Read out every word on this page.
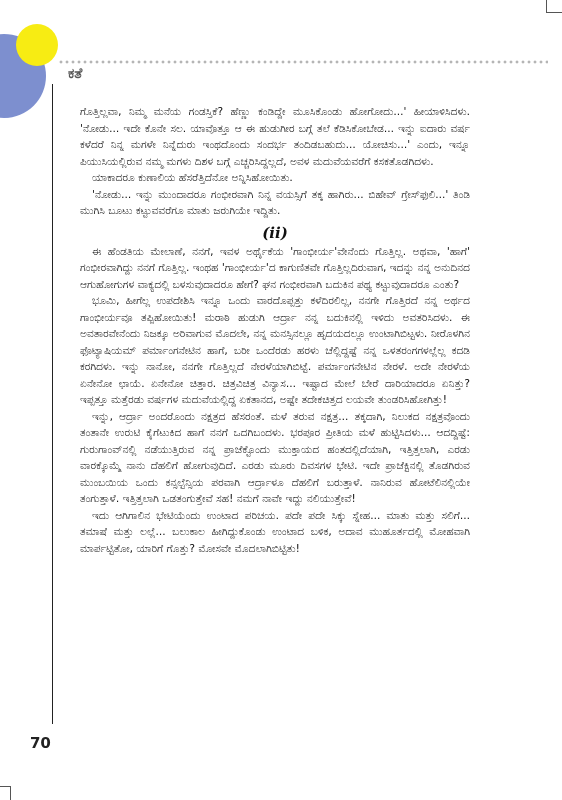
ಕತೆ

ಗೊತ್ತಿಲ್ಲವಾ, ನಿಮ್ಮ ಮನೆಯ ಗಂಡಸ್ತಿಕೆ? ಹೆಣ್ಣು ಕಂಡಿದ್ದೇ ಮೂಸಿಕೊಂಡು ಹೋಗೋದು...' ಹೀಯಾಳಿಸಿದಳು. 'ನೋಡು... ಇದೇ ಕೊನೇ ಸಲ. ಯಾವೊತ್ತೂ ಆ ಈ ಹುಡುಗೀರ ಬಗ್ಗೆ ತಲೆ ಕೆಡಿಸಿಕೋಬೇಡ... ಇನ್ನು ಐದಾರು ವರ್ಷ ಕಳೆದರೆ ನಿನ್ನ ಮಗಳೇ ನಿನ್ನೆದುರು ಇಂಥದೊಂದು ಸಂದರ್ಭ ತಂದಿಡಬಹುದು... ಯೋಚಿಸು...' ಎಂದು, ಇನ್ನೂ ಪಿಯುಸಿಯಲ್ಲಿರುವ ನಮ್ಮ ಮಗಳು ದಿಶಳ ಬಗ್ಗೆ ಎಚ್ಚರಿಸಿದ್ದಲ್ಲದೆ, ಅವಳ ಮದುವೆಯವರೆಗೆ ಕಸಕತೊಡಗಿದಳು.

ಯಾಕಾದರೂ ಕುಣಾಲಿಯ ಹೆಸರೆತ್ತಿದೆನೋ ಅನ್ನಿಸಿಹೋಯಿತು.

'ನೋಡು... ಇನ್ನು ಮುಂದಾದರೂ ಗಂಭೀರವಾಗಿ ನಿನ್ನ ವಯಸ್ಸಿಗೆ ತಕ್ಕ ಹಾಗಿರು... ಬಿಹೇವ್ ಗ್ರೇಸ್‌ಫುಲಿ...' ತಿಂಡಿ ಮುಗಿಸಿ ಬೂಟು ಕಟ್ಟುವವರೆಗೂ ಮಾತು ಜರುಗಿಯೇ ಇದ್ದಿತು.

(ii)

ಈ ಹೆಂಡತಿಯ ಮೇಲಾಣೆ, ನನಗೆ, ಇವಳ ಅರ್ಥೈಕೆಯ 'ಗಾಂಭೀರ್ಯ'ವೇನೆಂದು ಗೊತ್ತಿಲ್ಲ. ಅಥವಾ, 'ಹಾಗೆ' ಗಂಭೀರವಾಗಿದ್ದು ನನಗೆ ಗೊತ್ತಿಲ್ಲ. ಇಂಥಹ 'ಗಾಂಭೀರ್ಯ'ದ ಕಾಗುಣಿತವೇ ಗೊತ್ತಿಲ್ಲದಿರುವಾಗ, ಇದನ್ನು ನನ್ನ ಅನುದಿನದ ಆಗುಹೋಗುಗಳ ವಾಕ್ಯದಲ್ಲಿ ಬಳಸುವುದಾದರೂ ಹೇಗೆ? ಘನ ಗಂಭೀರವಾಗಿ ಬದುಕಿನ ಪಥ್ಯ ಕಟ್ಟುವುದಾದರೂ ಎಂತು?

ಭೂಮಿ, ಹೀಗೆಲ್ಲ ಉಪದೇಶಿಸಿ ಇನ್ನೂ ಒಂದು ವಾರದೊಪ್ಪತ್ತು ಕಳೆದಿರಲಿಲ್ಲ, ನನಗೇ ಗೊತ್ತಿರದೆ ನನ್ನ ಅರ್ಥದ ಗಾಂಭೀರ್ಯವೂ ತಪ್ಪಿಹೋಯಿತು! ಮರಾಠಿ ಹುಡುಗಿ ಆರ್ದ್ರಾ ನನ್ನ ಬದುಕಿನಲ್ಲಿ ಇಳಿದು ಅವತರಿಸಿದಳು. ಈ ಅವತಾರವೇನೆಂದು ನಿಜಕ್ಕೂ ಅರಿವಾಗುವ ಮೊದಲೇ, ನನ್ನ ಮನಸ್ಸಿನಲ್ಲೂ ಹೃದಯದಲ್ಲೂ ಉಂಟಾಗಿಬಿಟ್ಟಳು. ನೀರೊಳಗಿನ ಫೊಟ್ಯಾಷಿಯಮ್ ಪರ್ಮಾಂಗನೇಟಿನ ಹಾಗೆ, ಬರೀ ಒಂದೆರಡು ಹರಳು ಚೆಲ್ಲಿದ್ದಷ್ಟೆ ನನ್ನ ಒಳತರಂಗಗಳಲ್ಲೆಲ್ಲ ಕದಡಿ ಕರಗಿದಳು. ಇನ್ನು ನಾನೋ, ನನಗೇ ಗೊತ್ತಿಲ್ಲದೆ ನೇರಳೆಯಾಗಿಬಿಟ್ಟೆ. ಪರ್ಮಾಂಗನೇಟಿನ ನೇರಳೆ. ಅದೇ ನೇರಳೆಯ ಏನೇನೋ ಛಾಯೆ. ಏನೇನೋ ಚಿತ್ತಾರ. ಚಿತ್ರವಿಚಿತ್ರ ವಿನ್ಯಾಸ... ಇಷ್ಟಾದ ಮೇಲೆ ಬೇರೆ ದಾರಿಯಾದರೂ ಏನಿತ್ತು? ಇಪ್ಪತ್ತೂ ಮತ್ತೆರಡು ವರ್ಷಗಳ ಮದುವೆಯಲ್ಲಿದ್ದ ಏಕತಾನದ, ಅಷ್ಟೇ ತದೇಕಚಿತ್ತದ ಲಯವೇ ತುಂಡರಿಸಿಹೋಗಿತ್ತು!

ಇನ್ನು, ಆರ್ದ್ರಾ ಅಂದರೊಂದು ನಕ್ಷತ್ರದ ಹೆಸರಂತೆ. ಮಳೆ ತರುವ ನಕ್ಷತ್ರ... ತಕ್ಕದಾಗಿ, ನಿಲುಕದ ನಕ್ಷತ್ರವೊಂದು ತಂತಾನೇ ಉರುಟಿ ಕೈಗೆಟುಕಿದ ಹಾಗೆ ನನಗೆ ಒದಗಿಬಂದಳು. ಭರಪೂರ ಪ್ರೀತಿಯ ಮಳೆ ಹುಟ್ಟಿಸಿದಳು... ಆದದ್ದಿಷ್ಟೆ: ಗುರುಗಾಂವ್‌ನಲ್ಲಿ ನಡೆಯುತ್ತಿರುವ ನನ್ನ ಪ್ರಾಜೆಕ್ಟೊಂದು ಮುಕ್ತಾಯದ ಹಂತದಲ್ಲಿದೆಯಾಗಿ, ಇತ್ತಿತ್ತಲಾಗಿ, ಎರಡು ವಾರಕ್ಕೊಮ್ಮೆ ನಾನು ದೆಹಲಿಗೆ ಹೋಗುವುದಿದೆ. ಎರಡು ಮೂರು ದಿವಸಗಳ ಭೇಟಿ. ಇದೇ ಪ್ರಾಜೆಕ್ಟಿನಲ್ಲಿ ತೊಡಗಿರುವ ಮುಂಬಯಿಯ ಒಂದು ಕನ್ಸಲ್ಟೆನ್ಸಿಯ ಪರವಾಗಿ ಆರ್ದ್ರಾಳೂ ದೆಹಲಿಗೆ ಬರುತ್ತಾಳೆ. ನಾನಿರುವ ಹೋಟೆಲಿನಲ್ಲಿಯೇ ತಂಗುತ್ತಾಳೆ. ಇತ್ತಿತ್ತಲಾಗಿ ಒಡತಂಗುತ್ತೇವೆ ಸಹ! ನಮಗೆ ನಾವೇ ಇದ್ದು ನಲಿಯುತ್ತೇವೆ!

ಇದು ಆಗಿಗಾಲಿನ ಭೇಟಿಯೆಂದು ಉಂಟಾದ ಪರಿಚಯ. ಪದೇ ಪದೇ ಸಿಕ್ಕು ಸ್ನೇಹ... ಮಾತು ಮತ್ತು ಸಲಿಗೆ... ತಮಾಷೆ ಮತ್ತು ಲಲ್ಲೆ... ಬಲುಕಾಲ ಹೀಗಿದ್ದುಕೊಂಡು ಉಂಟಾದ ಬಳಿಕ, ಅದಾವ ಮುಹೂರ್ತದಲ್ಲಿ ಮೋಹವಾಗಿ ಮಾರ್ಪಟ್ಟಿತೋ, ಯಾರಿಗೆ ಗೊತ್ತು? ಮೋಸವೇ ಮೊದಲಾಗಿಬಿಟ್ಟಿತು!

70
